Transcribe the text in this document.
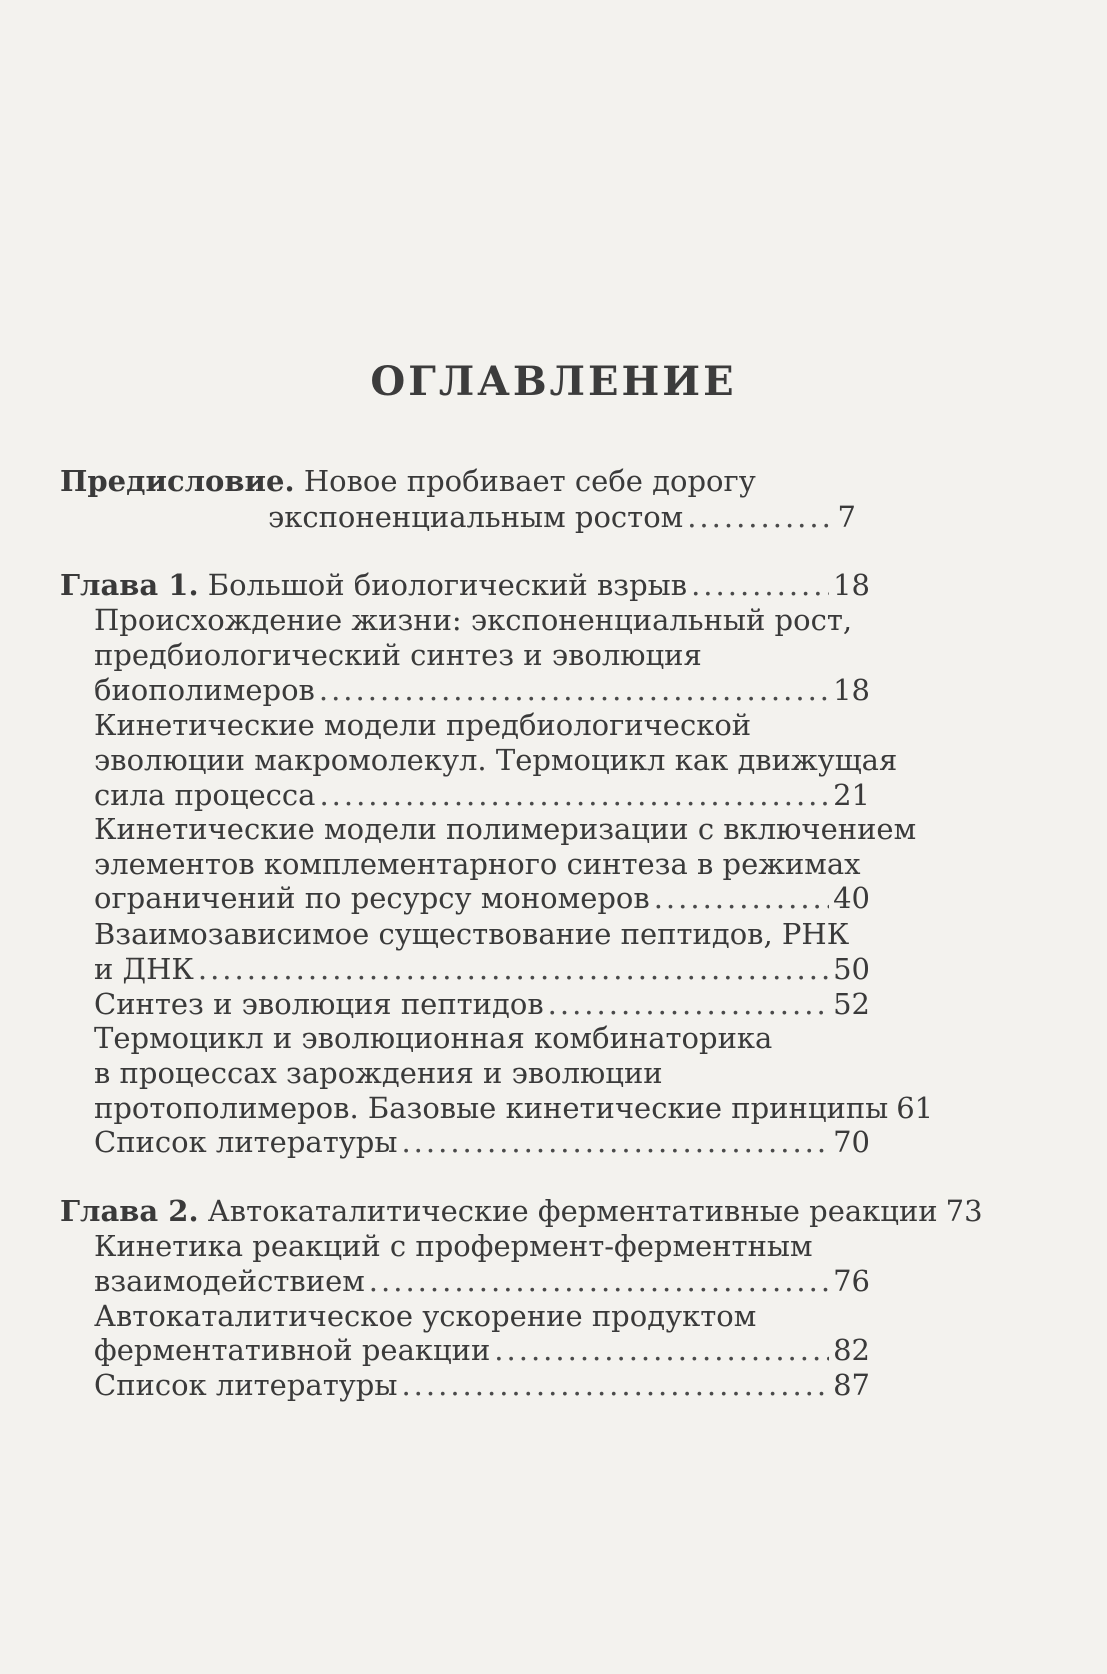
ОГЛАВЛЕНИЕ
Предисловие. Новое пробивает себе дорогу
экспоненциальным ростом .....	7
Глава 1. Большой биологический взрыв .....	18
Происхождение жизни: экспоненциальный рост,
предбиологический синтез и эволюция
биополимеров .....	18
Кинетические модели предбиологической
эволюции макромолекул. Термоцикл как движущая
сила процесса .....	21
Кинетические модели полимеризации с включением
элементов комплементарного синтеза в режимах
ограничений по ресурсу мономеров .....	40
Взаимозависимое существование пептидов, РНК
и ДНК .....	50
Синтез и эволюция пептидов .....	52
Термоцикл и эволюционная комбинаторика
в процессах зарождения и эволюции
протополимеров. Базовые кинетические принципы 61
Список литературы .....	70
Глава 2. Автокаталитические ферментативные реакции 73
Кинетика реакций с профермент-ферментным
взаимодействием .....	76
Автокаталитическое ускорение продуктом
ферментативной реакции .....	82
Список литературы .....	87
